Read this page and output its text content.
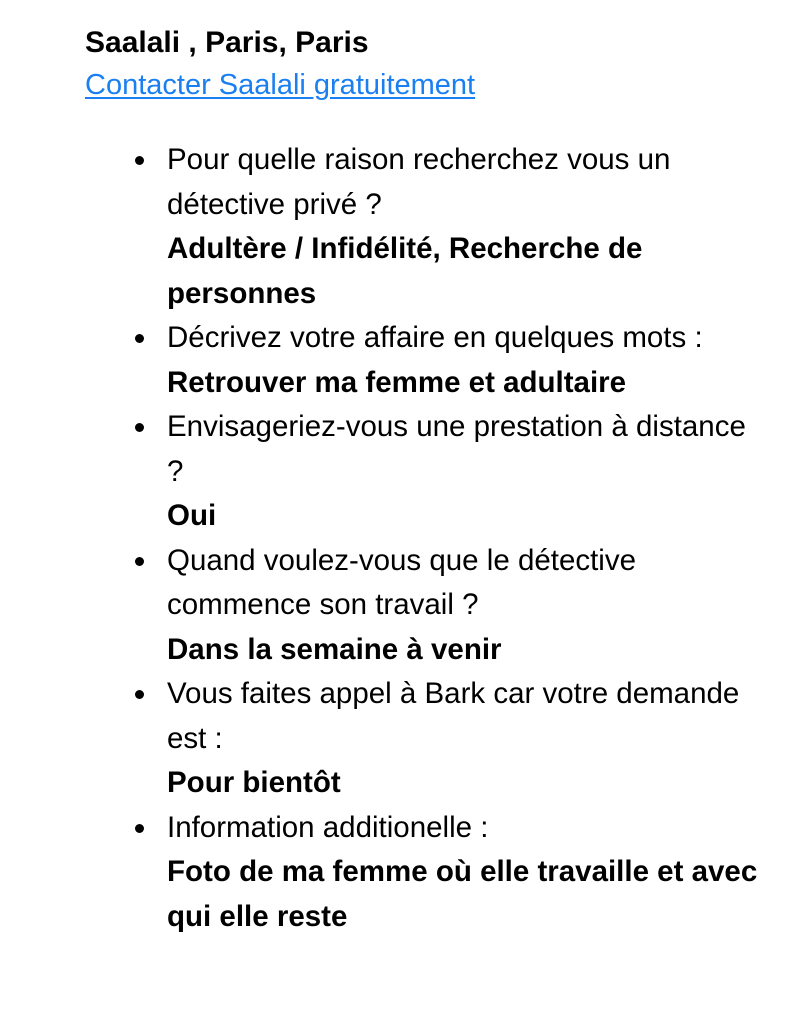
Saalali , Paris, Paris
Contacter Saalali gratuitement
Pour quelle raison recherchez vous un détective privé ?
Adultère / Infidélité, Recherche de personnes
Décrivez votre affaire en quelques mots :
Retrouver ma femme et adultaire
Envisageriez-vous une prestation à distance ?
Oui
Quand voulez-vous que le détective commence son travail ?
Dans la semaine à venir
Vous faites appel à Bark car votre demande est :
Pour bientôt
Information additionelle :
Foto de ma femme où elle travaille et avec qui elle reste
